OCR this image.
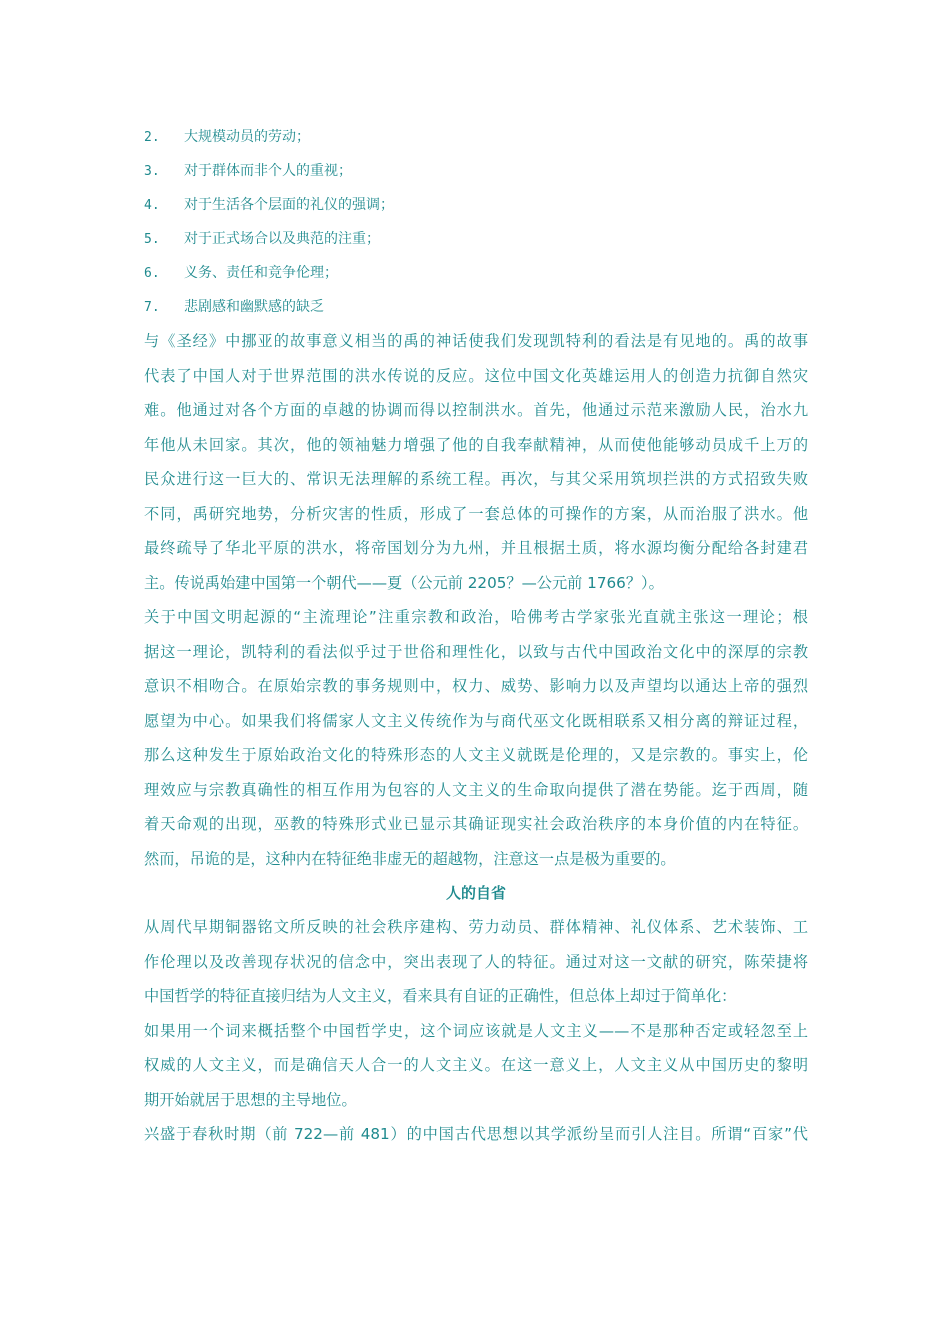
2. 大规模动员的劳动；
3. 对于群体而非个人的重视；
4. 对于生活各个层面的礼仪的强调；
5. 对于正式场合以及典范的注重；
6. 义务、责任和竞争伦理；
7. 悲剧感和幽默感的缺乏
与《圣经》中挪亚的故事意义相当的禹的神话使我们发现凯特利的看法是有见地的。禹的故事
代表了中国人对于世界范围的洪水传说的反应。这位中国文化英雄运用人的创造力抗御自然灾
难。他通过对各个方面的卓越的协调而得以控制洪水。首先，他通过示范来激励人民，治水九
年他从未回家。其次，他的领袖魅力增强了他的自我奉献精神，从而使他能够动员成千上万的
民众进行这一巨大的、常识无法理解的系统工程。再次，与其父采用筑坝拦洪的方式招致失败
不同，禹研究地势，分析灾害的性质，形成了一套总体的可操作的方案，从而治服了洪水。他
最终疏导了华北平原的洪水，将帝国划分为九州，并且根据土质，将水源均衡分配给各封建君
主。传说禹始建中国第一个朝代——夏（公元前 2205？—公元前 1766？）。
关于中国文明起源的“主流理论”注重宗教和政治，哈佛考古学家张光直就主张这一理论；根
据这一理论，凯特利的看法似乎过于世俗和理性化，以致与古代中国政治文化中的深厚的宗教
意识不相吻合。在原始宗教的事务规则中，权力、威势、影响力以及声望均以通达上帝的强烈
愿望为中心。如果我们将儒家人文主义传统作为与商代巫文化既相联系又相分离的辩证过程，
那么这种发生于原始政治文化的特殊形态的人文主义就既是伦理的，又是宗教的。事实上，伦
理效应与宗教真确性的相互作用为包容的人文主义的生命取向提供了潜在势能。迄于西周，随
着天命观的出现，巫教的特殊形式业已显示其确证现实社会政治秩序的本身价值的内在特征。
然而，吊诡的是，这种内在特征绝非虚无的超越物，注意这一点是极为重要的。
人的自省
从周代早期铜器铭文所反映的社会秩序建构、劳力动员、群体精神、礼仪体系、艺术装饰、工
作伦理以及改善现存状况的信念中，突出表现了人的特征。通过对这一文献的研究，陈荣捷将
中国哲学的特征直接归结为人文主义，看来具有自证的正确性，但总体上却过于简单化：
如果用一个词来概括整个中国哲学史，这个词应该就是人文主义——不是那种否定或轻忽至上
权威的人文主义，而是确信天人合一的人文主义。在这一意义上，人文主义从中国历史的黎明
期开始就居于思想的主导地位。
兴盛于春秋时期（前 722—前 481）的中国古代思想以其学派纷呈而引人注目。所谓“百家”代
